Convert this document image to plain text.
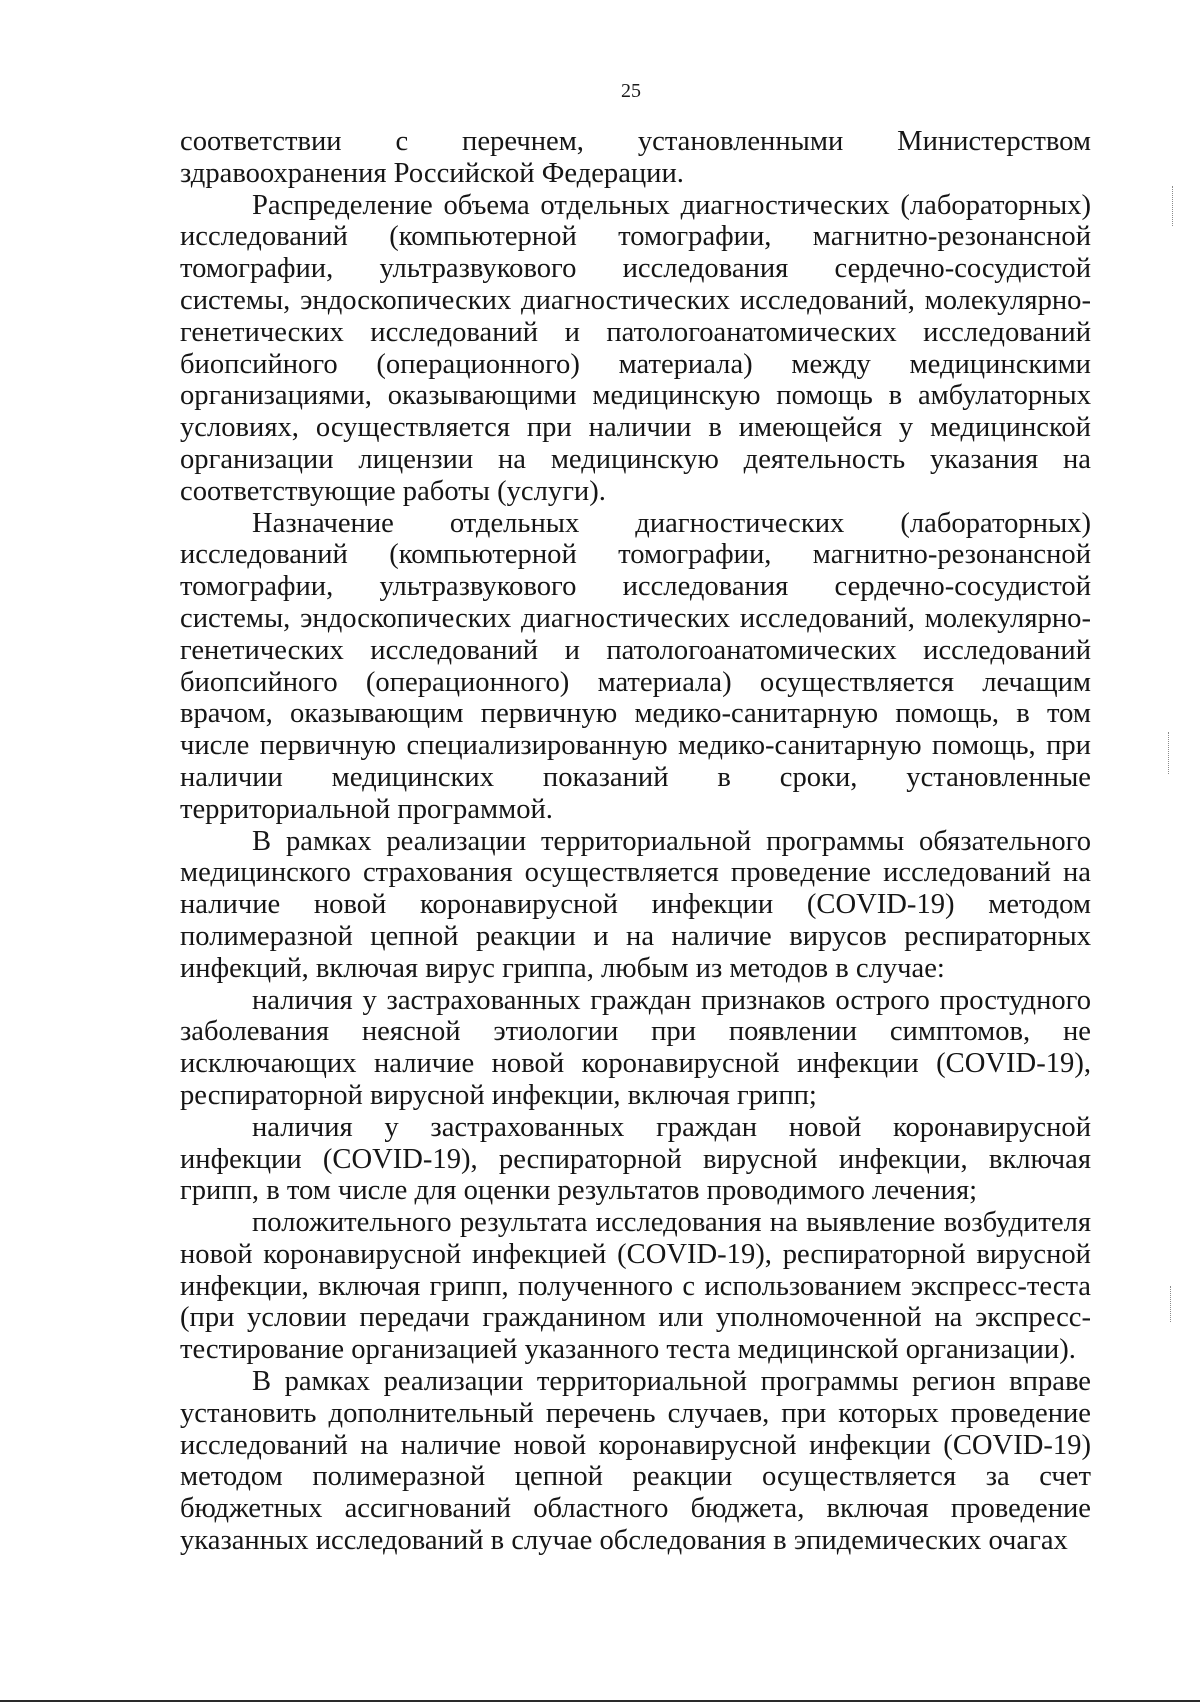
25

соответствии с перечнем, установленными Министерством здравоохранения Российской Федерации.

Распределение объема отдельных диагностических (лабораторных) исследований (компьютерной томографии, магнитно-резонансной томографии, ультразвукового исследования сердечно-сосудистой системы, эндоскопических диагностических исследований, молекулярно-генетических исследований и патологоанатомических исследований биопсийного (операционного) материала) между медицинскими организациями, оказывающими медицинскую помощь в амбулаторных условиях, осуществляется при наличии в имеющейся у медицинской организации лицензии на медицинскую деятельность указания на соответствующие работы (услуги).

Назначение отдельных диагностических (лабораторных) исследований (компьютерной томографии, магнитно-резонансной томографии, ультразвукового исследования сердечно-сосудистой системы, эндоскопических диагностических исследований, молекулярно-генетических исследований и патологоанатомических исследований биопсийного (операционного) материала) осуществляется лечащим врачом, оказывающим первичную медико-санитарную помощь, в том числе первичную специализированную медико-санитарную помощь, при наличии медицинских показаний в сроки, установленные территориальной программой.

В рамках реализации территориальной программы обязательного медицинского страхования осуществляется проведение исследований на наличие новой коронавирусной инфекции (COVID-19) методом полимеразной цепной реакции и на наличие вирусов респираторных инфекций, включая вирус гриппа, любым из методов в случае:

наличия у застрахованных граждан признаков острого простудного заболевания неясной этиологии при появлении симптомов, не исключающих наличие новой коронавирусной инфекции (COVID-19), респираторной вирусной инфекции, включая грипп;

наличия у застрахованных граждан новой коронавирусной инфекции (COVID-19), респираторной вирусной инфекции, включая грипп, в том числе для оценки результатов проводимого лечения;

положительного результата исследования на выявление возбудителя новой коронавирусной инфекцией (COVID-19), респираторной вирусной инфекции, включая грипп, полученного с использованием экспресс-теста (при условии передачи гражданином или уполномоченной на экспресс-тестирование организацией указанного теста медицинской организации).

В рамках реализации территориальной программы регион вправе установить дополнительный перечень случаев, при которых проведение исследований на наличие новой коронавирусной инфекции (COVID-19) методом полимеразной цепной реакции осуществляется за счет бюджетных ассигнований областного бюджета, включая проведение указанных исследований в случае обследования в эпидемических очагах
